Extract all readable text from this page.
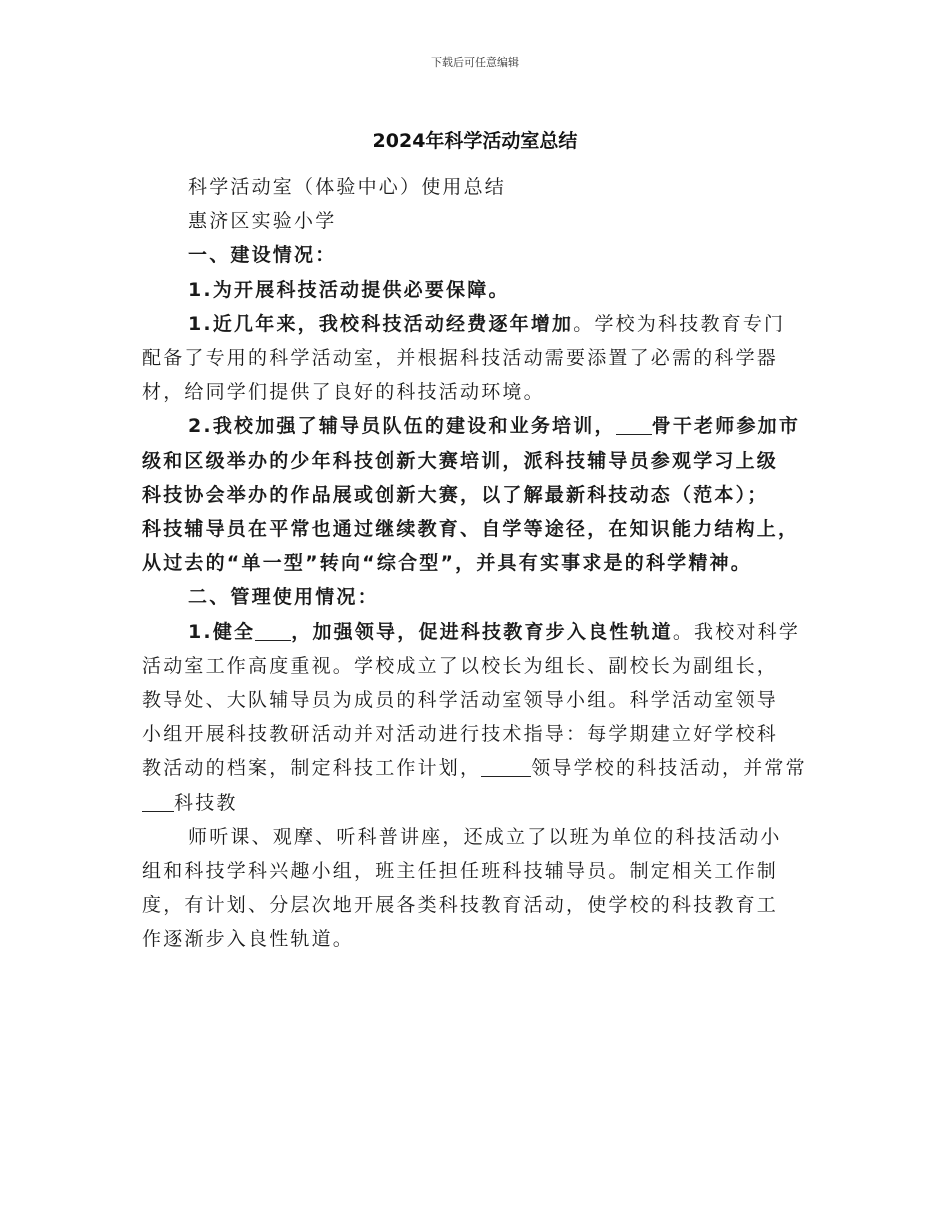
下载后可任意编辑
2024年科学活动室总结
科学活动室（体验中心）使用总结
惠济区实验小学
一、建设情况：
1.为开展科技活动提供必要保障。
1.近几年来，我校科技活动经费逐年增加。学校为科技教育专门
配备了专用的科学活动室，并根据科技活动需要添置了必需的科学器
材，给同学们提供了良好的科技活动环境。
2.我校加强了辅导员队伍的建设和业务培训， 骨干老师参加市
级和区级举办的少年科技创新大赛培训，派科技辅导员参观学习上级
科技协会举办的作品展或创新大赛，以了解最新科技动态（范本）；
科技辅导员在平常也通过继续教育、自学等途径，在知识能力结构上，
从过去的“单一型”转向“综合型”，并具有实事求是的科学精神。
二、管理使用情况：
1.健全 ，加强领导，促进科技教育步入良性轨道。我校对科学
活动室工作高度重视。学校成立了以校长为组长、副校长为副组长，
教导处、大队辅导员为成员的科学活动室领导小组。科学活动室领导
小组开展科技教研活动并对活动进行技术指导：每学期建立好学校科
教活动的档案，制定科技工作计划，	领导学校的科技活动，并常常
科技教
师听课、观摩、听科普讲座，还成立了以班为单位的科技活动小
组和科技学科兴趣小组，班主任担任班科技辅导员。制定相关工作制
度，有计划、分层次地开展各类科技教育活动，使学校的科技教育工
作逐渐步入良性轨道。
